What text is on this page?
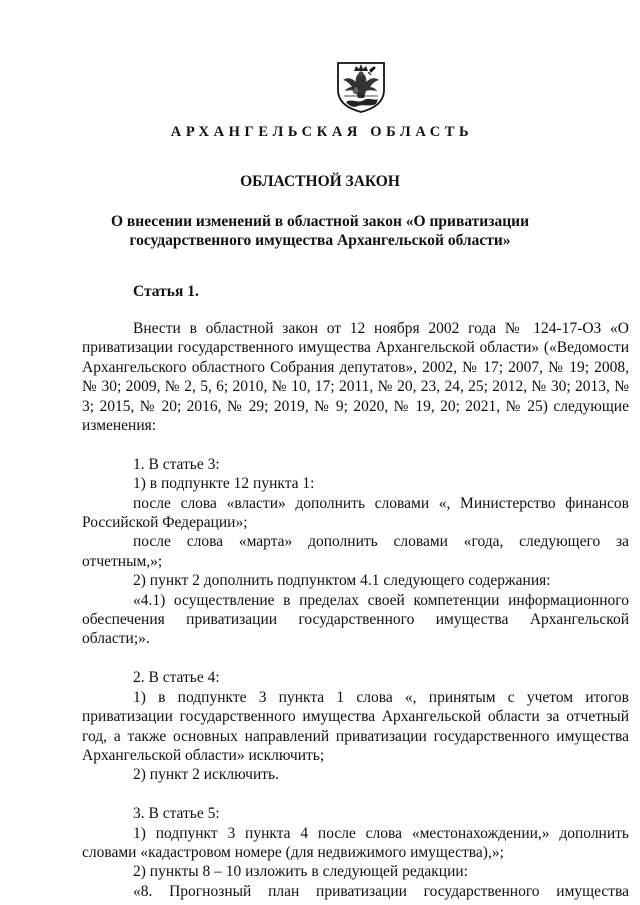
АРХАНГЕЛЬСКАЯ ОБЛАСТЬ
ОБЛАСТНОЙ ЗАКОН

О внесении изменений в областной закон «О приватизации государственного имущества Архангельской области»

Статья 1.

Внести в областной закон от 12 ноября 2002 года № 124-17-ОЗ «О приватизации государственного имущества Архангельской области» («Ведомости Архангельского областного Собрания депутатов», 2002, № 17; 2007, № 19; 2008, № 30; 2009, № 2, 5, 6; 2010, № 10, 17; 2011, № 20, 23, 24, 25; 2012, № 30; 2013, № 3; 2015, № 20; 2016, № 29; 2019, № 9; 2020, № 19, 20; 2021, № 25) следующие изменения:

1. В статье 3:

1) в подпункте 12 пункта 1:

после слова «власти» дополнить словами «, Министерство финансов Российской Федерации»;

после слова «марта» дополнить словами «года, следующего за отчетным,»;

2) пункт 2 дополнить подпунктом 4.1 следующего содержания:

«4.1) осуществление в пределах своей компетенции информационного обеспечения приватизации государственного имущества Архангельской области;».

2. В статье 4:

1) в подпункте 3 пункта 1 слова «, принятым с учетом итогов приватизации государственного имущества Архангельской области за отчетный год, а также основных направлений приватизации государственного имущества Архангельской области» исключить;

2) пункт 2 исключить.

3. В статье 5:

1) подпункт 3 пункта 4 после слова «местонахождении,» дополнить словами «кадастровом номере (для недвижимого имущества),»;

2) пункты 8 – 10 изложить в следующей редакции:

«8. Прогнозный план приватизации государственного имущества
